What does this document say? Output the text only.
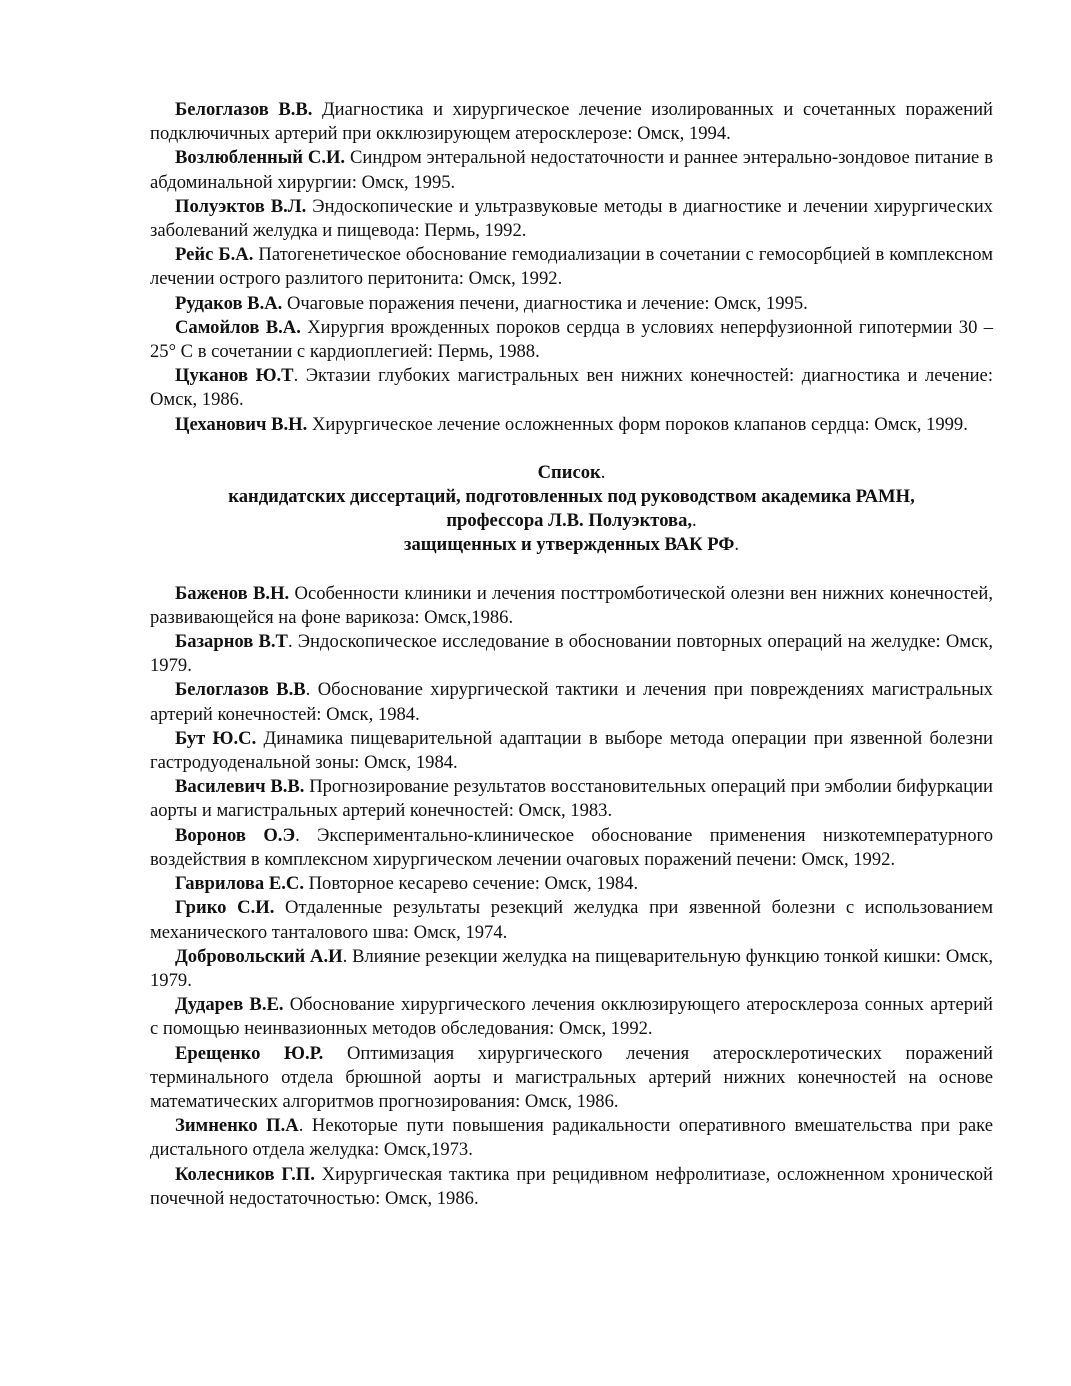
Белоглазов В.В. Диагностика и хирургическое лечение изолированных и сочетанных поражений подключичных артерий при окклюзирующем атеросклерозе: Омск, 1994.

Возлюбленный С.И. Синдром энтеральной недостаточности и раннее энтерально-зондовое питание в абдоминальной хирургии: Омск, 1995.

Полуэктов В.Л. Эндоскопические и ультразвуковые методы в диагностике и лечении хирургических заболеваний желудка и пищевода: Пермь, 1992.

Рейс Б.А. Патогенетическое обоснование гемодиализации в сочетании с гемосорбцией в комплексном лечении острого разлитого перитонита: Омск, 1992.

Рудаков В.А. Очаговые поражения печени, диагностика и лечение: Омск, 1995.

Самойлов В.А. Хирургия врожденных пороков сердца в условиях неперфузионной гипотермии 30 – 25° С в сочетании с кардиоплегией: Пермь, 1988.

Цуканов Ю.Т. Эктазии глубоких магистральных вен нижних конечностей: диагностика и лечение: Омск, 1986.

Цеханович В.Н. Хирургическое лечение осложненных форм пороков клапанов сердца: Омск, 1999.

Список.

кандидатских диссертаций, подготовленных под руководством академика РАМН,

профессора Л.В. Полуэктова,.

защищенных и утвержденных ВАК РФ.

Баженов В.Н. Особенности клиники и лечения посттромботической олезни вен нижних конечностей, развивающейся на фоне варикоза: Омск,1986.

Базарнов В.Т. Эндоскопическое исследование в обосновании повторных операций на желудке: Омск, 1979.

Белоглазов В.В. Обоснование хирургической тактики и лечения при повреждениях магистральных артерий конечностей: Омск, 1984.

Бут Ю.С. Динамика пищеварительной адаптации в выборе метода операции при язвенной болезни гастродуоденальной зоны: Омск, 1984.

Василевич В.В. Прогнозирование результатов восстановительных операций при эмболии бифуркации аорты и магистральных артерий конечностей: Омск, 1983.

Воронов О.Э. Экспериментально-клиническое обоснование применения низкотемпературного воздействия в комплексном хирургическом лечении очаговых поражений печени: Омск, 1992.

Гаврилова Е.С. Повторное кесарево сечение: Омск, 1984.

Грико С.И. Отдаленные результаты резекций желудка при язвенной болезни с использованием механического танталового шва: Омск, 1974.

Добровольский А.И. Влияние резекции желудка на пищеварительную функцию тонкой кишки: Омск, 1979.

Дударев В.Е. Обоснование хирургического лечения окклюзирующего атеросклероза сонных артерий с помощью неинвазионных методов обследования: Омск, 1992.

Ерещенко Ю.Р. Оптимизация хирургического лечения атеросклеротических поражений терминального отдела брюшной аорты и магистральных артерий нижних конечностей на основе математических алгоритмов прогнозирования: Омск, 1986.

Зимненко П.А. Некоторые пути повышения радикальности оперативного вмешательства при раке дистального отдела желудка: Омск,1973.

Колесников Г.П. Хирургическая тактика при рецидивном нефролитиазе, осложненном хронической почечной недостаточностью: Омск, 1986.
